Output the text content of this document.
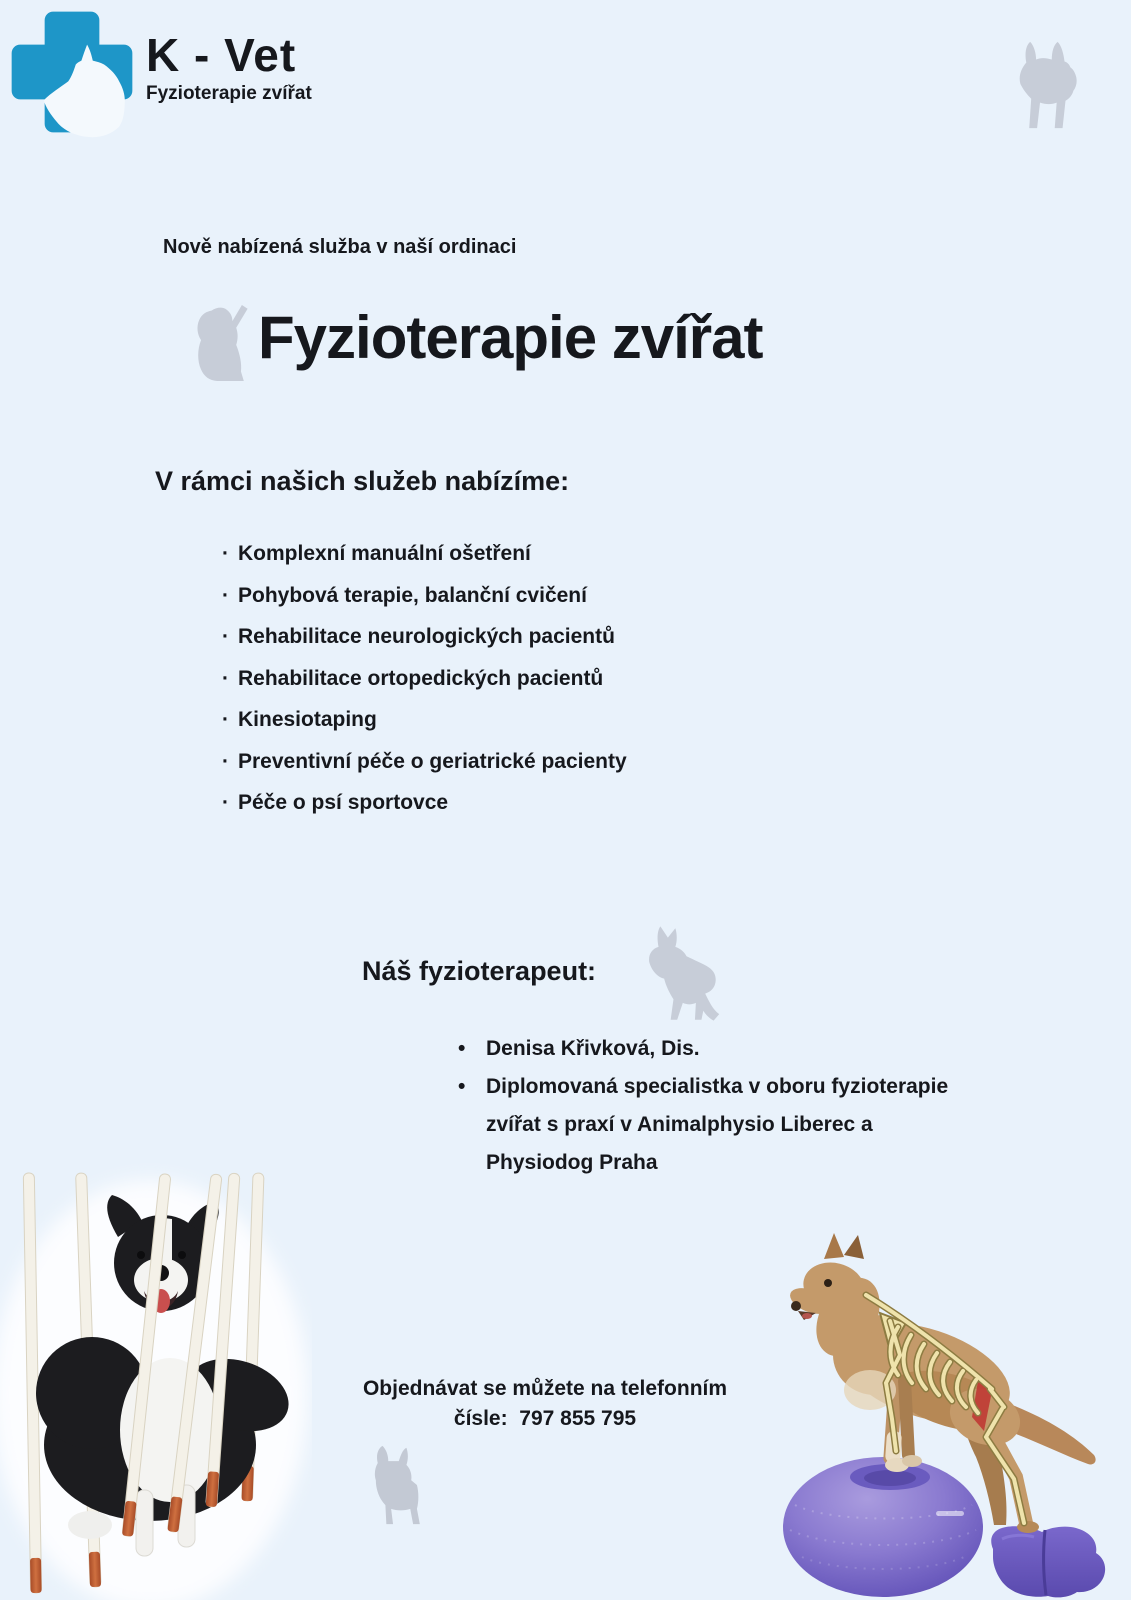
K - Vet
Fyzioterapie zvířat
Nově nabízená služba v naší ordinaci
Fyzioterapie zvířat
V rámci našich služeb nabízíme:
· Komplexní manuální ošetření
· Pohybová terapie, balanční cvičení
· Rehabilitace neurologických pacientů
· Rehabilitace ortopedických pacientů
· Kinesiotaping
· Preventivní péče o geriatrické pacienty
· Péče o psí sportovce
Náš fyzioterapeut:
• Denisa Křivková, Dis.
• Diplomovaná specialistka v oboru fyzioterapie zvířat s praxí v Animalphysio Liberec a Physiodog Praha
Objednávat se můžete na telefonním
čísle: 797 855 795
